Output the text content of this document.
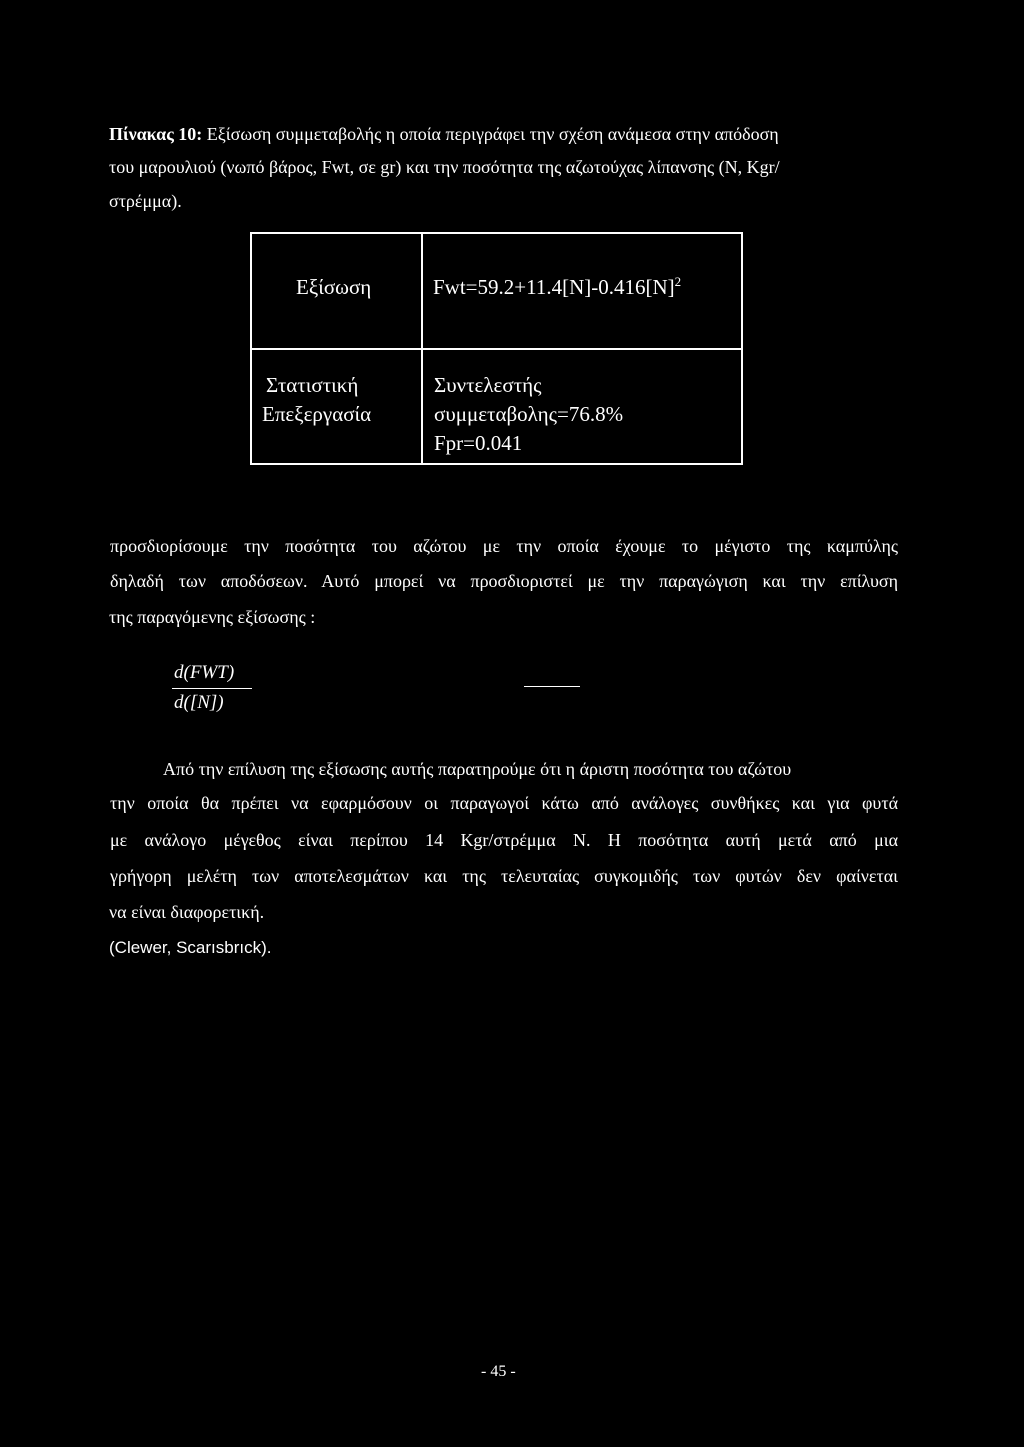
Πίνακας 10: Εξίσωση συμμεταβολής η οποία περιγράφει την σχέση ανάμεσα στην απόδοση
του μαρουλιού (νωπό βάρος, Fwt, σε gr) και την ποσότητα της αζωτούχας λίπανσης (Ν, Kgr/
στρέμμα).
Εξίσωση	$Fwt=59.2+11.4[N]-0.416[N]^2$
Στατιστική
Επεξεργασία
Συντελεστής
συμμεταβολης=76.8%
Fpr=0.041
προσδιορίσουμε την ποσότητα του αζώτου με την οποία έχουμε το μέγιστο της καμπύλης
δηλαδή των αποδόσεων. Αυτό μπορεί να προσδιοριστεί με την παραγώγιση και την επίλυση
της παραγόμενης εξίσωσης :
d(FWT)
d([N])
Από την επίλυση της εξίσωσης αυτής παρατηρούμε ότι η άριστη ποσότητα του αζώτου
την οποία θα πρέπει να εφαρμόσουν οι παραγωγοί κάτω από ανάλογες συνθήκες και για φυτά
με ανάλογο μέγεθος είναι περίπου 14 Kgr/στρέμμα Ν. Η ποσότητα αυτή μετά από μια
γρήγορη μελέτη των αποτελεσμάτων και της τελευταίας συγκομιδής των φυτών δεν φαίνεται
να είναι διαφορετική.
(Clewer, Scarısbrıck).
- 45 -
